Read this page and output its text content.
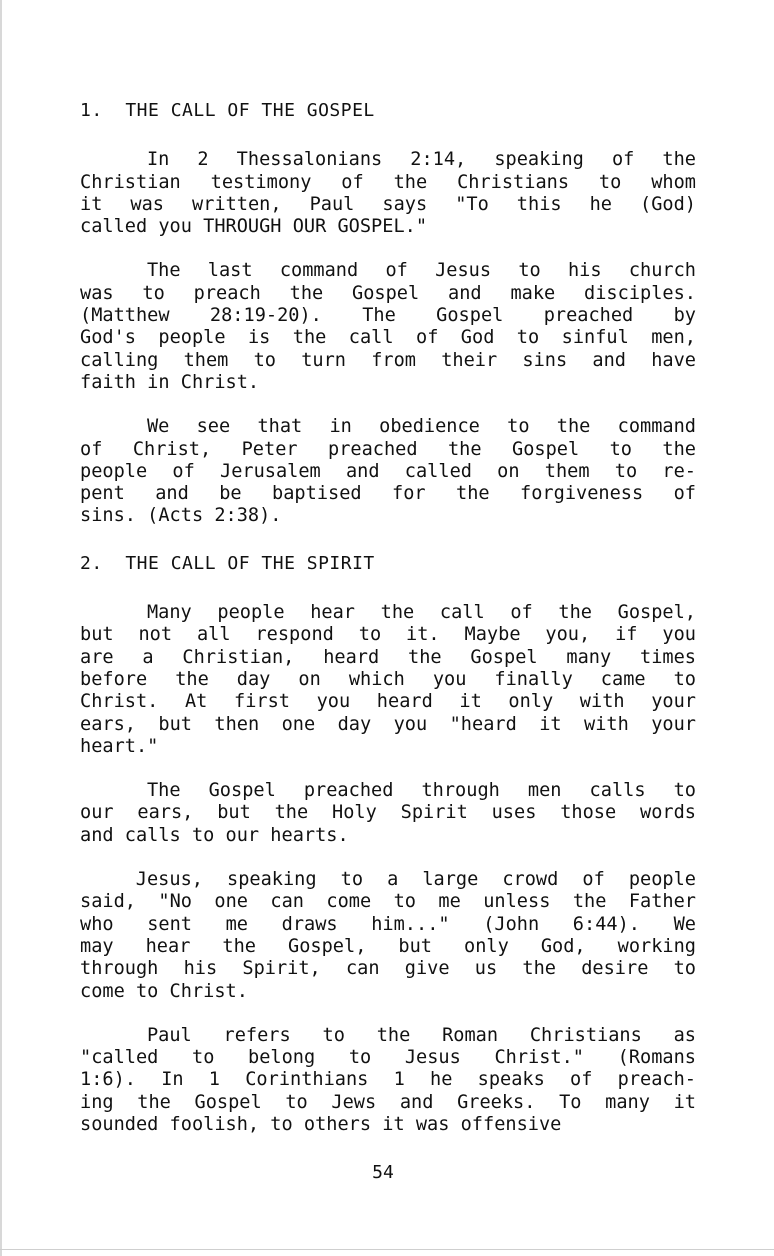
1.  THE CALL OF THE GOSPEL
In 2 Thessalonians 2:14, speaking of the
Christian testimony of the Christians to whom
it was written, Paul says "To this he (God)
called you THROUGH OUR GOSPEL."
The last command of Jesus to his church
was to preach the Gospel and make disciples.
(Matthew 28:19-20). The Gospel preached by
God's people is the call of God to sinful men,
calling them to turn from their sins and have
faith in Christ.
We see that in obedience to the command
of Christ, Peter preached the Gospel to the
people of Jerusalem and called on them to re-
pent and be baptised for the forgiveness of
sins. (Acts 2:38).
2.  THE CALL OF THE SPIRIT
Many people hear the call of the Gospel,
but not all respond to it. Maybe you, if you
are a Christian, heard the Gospel many times
before the day on which you finally came to
Christ. At first you heard it only with your
ears, but then one day you "heard it with your
heart."
The Gospel preached through men calls to
our ears, but the Holy Spirit uses those words
and calls to our hearts.
Jesus, speaking to a large crowd of people
said, "No one can come to me unless the Father
who sent me draws him..." (John 6:44). We
may hear the Gospel, but only God, working
through his Spirit, can give us the desire to
come to Christ.
Paul refers to the Roman Christians as
"called to belong to Jesus Christ." (Romans
1:6). In 1 Corinthians 1 he speaks of preach-
ing the Gospel to Jews and Greeks. To many it
sounded foolish, to others it was offensive
54
